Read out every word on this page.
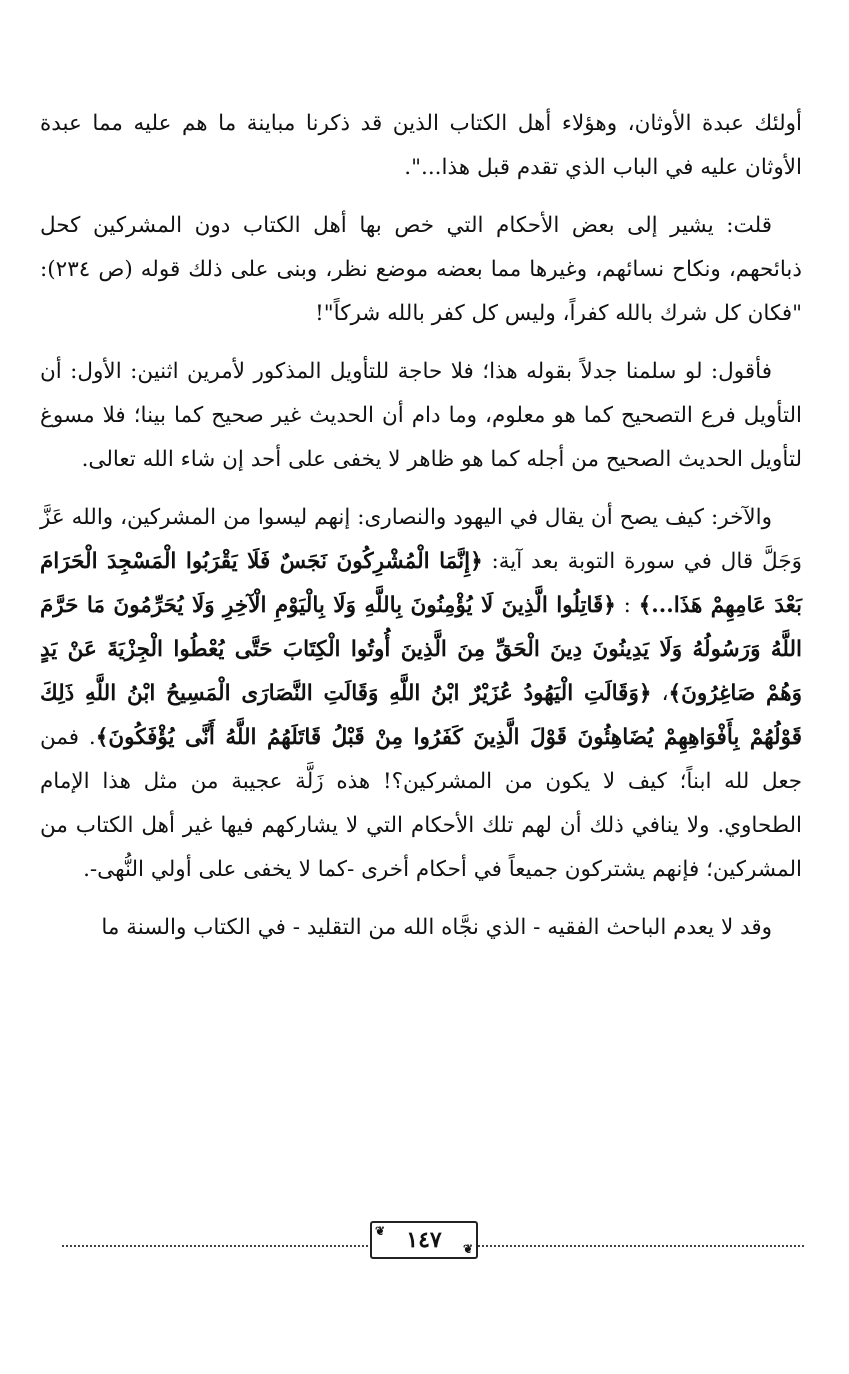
أولئك عبدة الأوثان، وهؤلاء أهل الكتاب الذين قد ذكرنا مباينة ما هم عليه مما عبدة الأوثان عليه في الباب الذي تقدم قبل هذا...".

قلت: يشير إلى بعض الأحكام التي خص بها أهل الكتاب دون المشركين كحل ذبائحهم، ونكاح نسائهم، وغيرها مما بعضه موضع نظر، وبنى على ذلك قوله (ص ٢٣٤): "فكان كل شرك بالله كفراً، وليس كل كفر بالله شركاً"!

فأقول: لو سلمنا جدلاً بقوله هذا؛ فلا حاجة للتأويل المذكور لأمرين اثنين: الأول: أن التأويل فرع التصحيح كما هو معلوم، وما دام أن الحديث غير صحيح كما بينا؛ فلا مسوغ لتأويل الحديث الصحيح من أجله كما هو ظاهر لا يخفى على أحد إن شاء الله تعالى.

والآخر: كيف يصح أن يقال في اليهود والنصارى: إنهم ليسوا من المشركين، والله عَزَّ وَجَلَّ قال في سورة التوبة بعد آية: ﴿إِنَّمَا الْمُشْرِكُونَ نَجَسٌ فَلَا يَقْرَبُوا الْمَسْجِدَ الْحَرَامَ بَعْدَ عَامِهِمْ هَذَا...﴾ : ﴿قَاتِلُوا الَّذِينَ لَا يُؤْمِنُونَ بِاللَّهِ وَلَا بِالْيَوْمِ الْآخِرِ وَلَا يُحَرِّمُونَ مَا حَرَّمَ اللَّهُ وَرَسُولُهُ وَلَا يَدِينُونَ دِينَ الْحَقِّ مِنَ الَّذِينَ أُوتُوا الْكِتَابَ حَتَّى يُعْطُوا الْجِزْيَةَ عَنْ يَدٍ وَهُمْ صَاغِرُونَ﴾، ﴿وَقَالَتِ الْيَهُودُ عُزَيْرٌ ابْنُ اللَّهِ وَقَالَتِ النَّصَارَى الْمَسِيحُ ابْنُ اللَّهِ ذَلِكَ قَوْلُهُمْ بِأَفْوَاهِهِمْ يُضَاهِئُونَ قَوْلَ الَّذِينَ كَفَرُوا مِنْ قَبْلُ قَاتَلَهُمُ اللَّهُ أَنَّى يُؤْفَكُونَ﴾. فمن جعل لله ابناً؛ كيف لا يكون من المشركين؟! هذه زَلَّة عجيبة من مثل هذا الإمام الطحاوي. ولا ينافي ذلك أن لهم تلك الأحكام التي لا يشاركهم فيها غير أهل الكتاب من المشركين؛ فإنهم يشتركون جميعاً في أحكام أخرى -كما لا يخفى على أولي النُّهى-.

وقد لا يعدم الباحث الفقيه - الذي نجَّاه الله من التقليد - في الكتاب والسنة ما

❦ ١٤٧ ❦
